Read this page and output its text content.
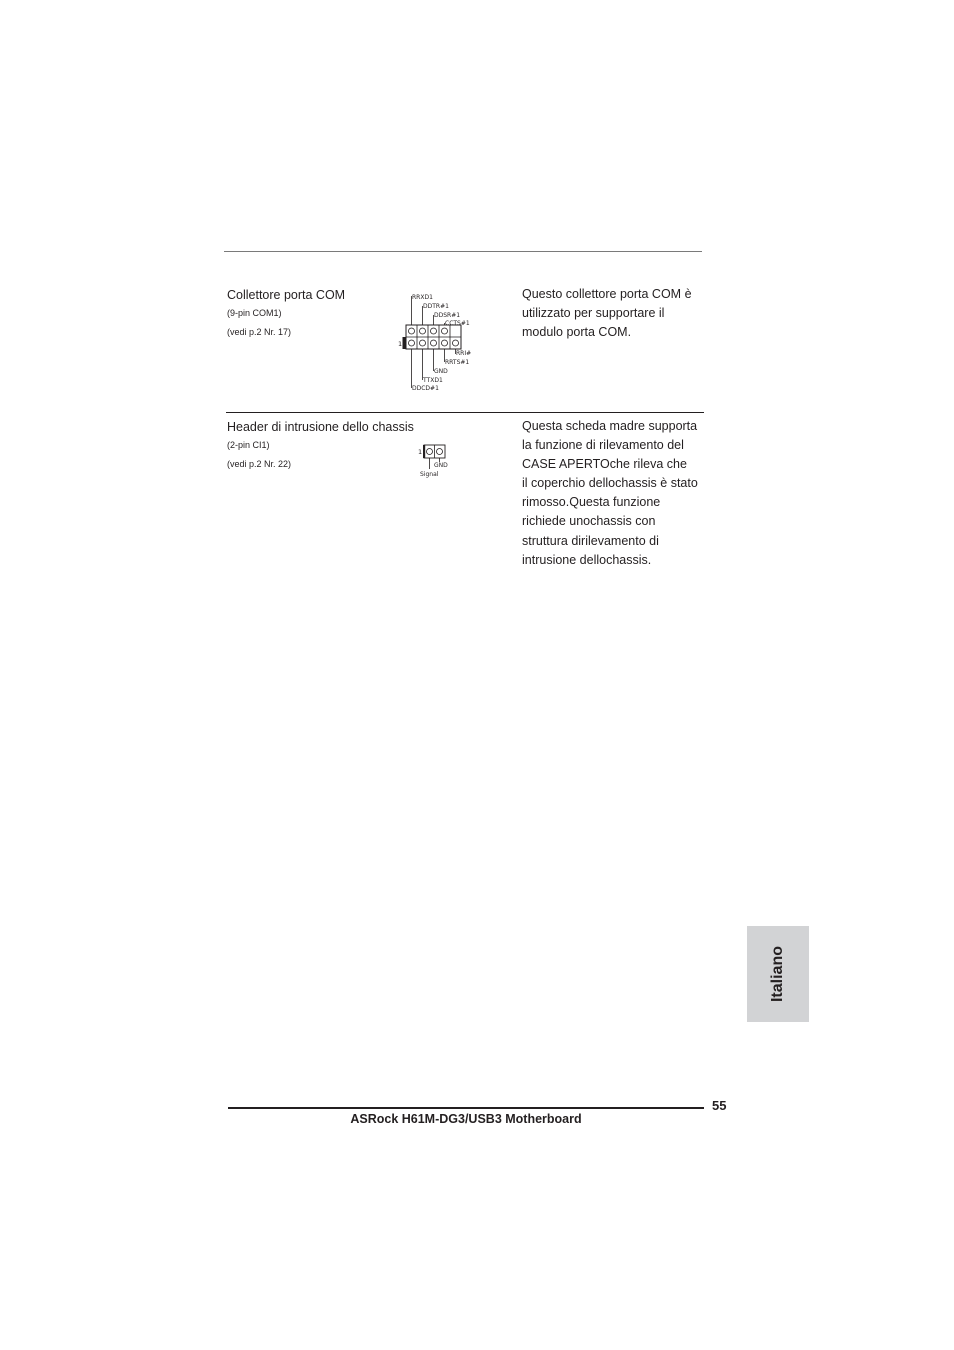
Collettore porta COM
(9-pin COM1)
(vedi p.2 Nr. 17)
1
RRXD1
DDTR#1
DDSR#1
CCTS#1
RRI#
RRTS#1
GND
TTXD1
DDCD#1
Questo collettore porta COM è
utilizzato per supportare il
modulo porta COM.
Header di intrusione dello chassis
(2-pin CI1)
(vedi p.2 Nr. 22)
1
GND
Signal
Questa scheda madre supporta
la funzione di rilevamento del
CASE APERTOche rileva che
il coperchio dellochassis è stato
rimosso.Questa funzione
richiede unochassis con
struttura dirilevamento di
intrusione dellochassis.
Italiano
55
ASRock H61M-DG3/USB3 Motherboard
